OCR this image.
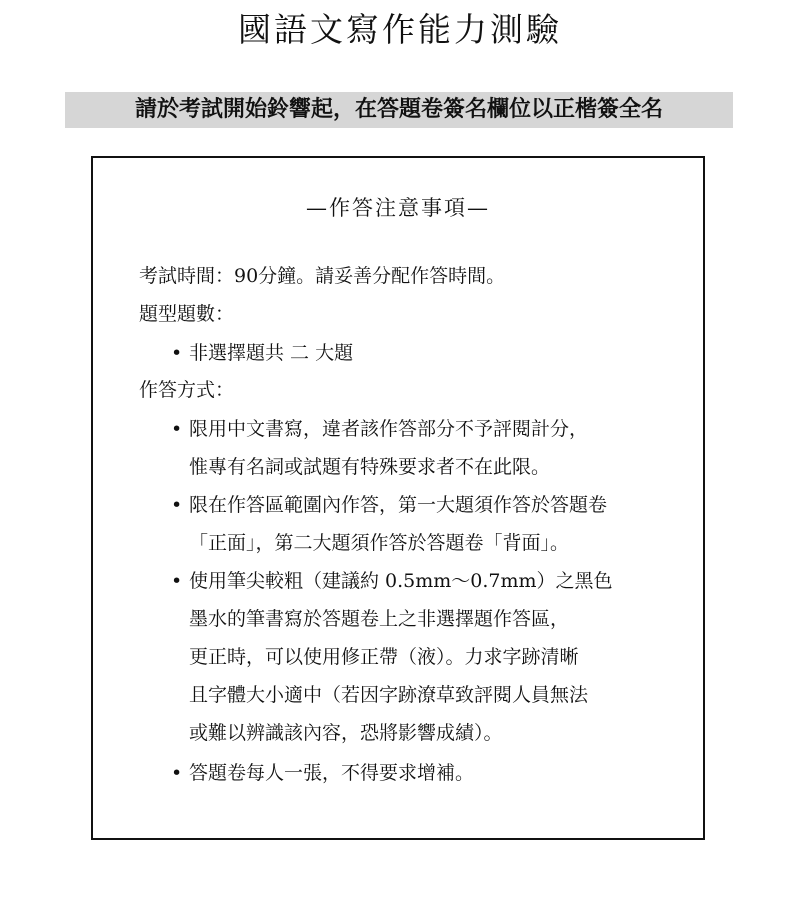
國語文寫作能力測驗
請於考試開始鈴響起，在答題卷簽名欄位以正楷簽全名
—作答注意事項—
考試時間：90分鐘。請妥善分配作答時間。
題型題數：
• 非選擇題共 二 大題
作答方式：
• 限用中文書寫，違者該作答部分不予評閱計分，
惟專有名詞或試題有特殊要求者不在此限。
• 限在作答區範圍內作答，第一大題須作答於答題卷
「正面」，第二大題須作答於答題卷「背面」。
• 使用筆尖較粗（建議約 0.5mm～0.7mm）之黑色
墨水的筆書寫於答題卷上之非選擇題作答區，
更正時，可以使用修正帶（液）。力求字跡清晰
且字體大小適中（若因字跡潦草致評閱人員無法
或難以辨識該內容，恐將影響成績）。
• 答題卷每人一張，不得要求增補。
